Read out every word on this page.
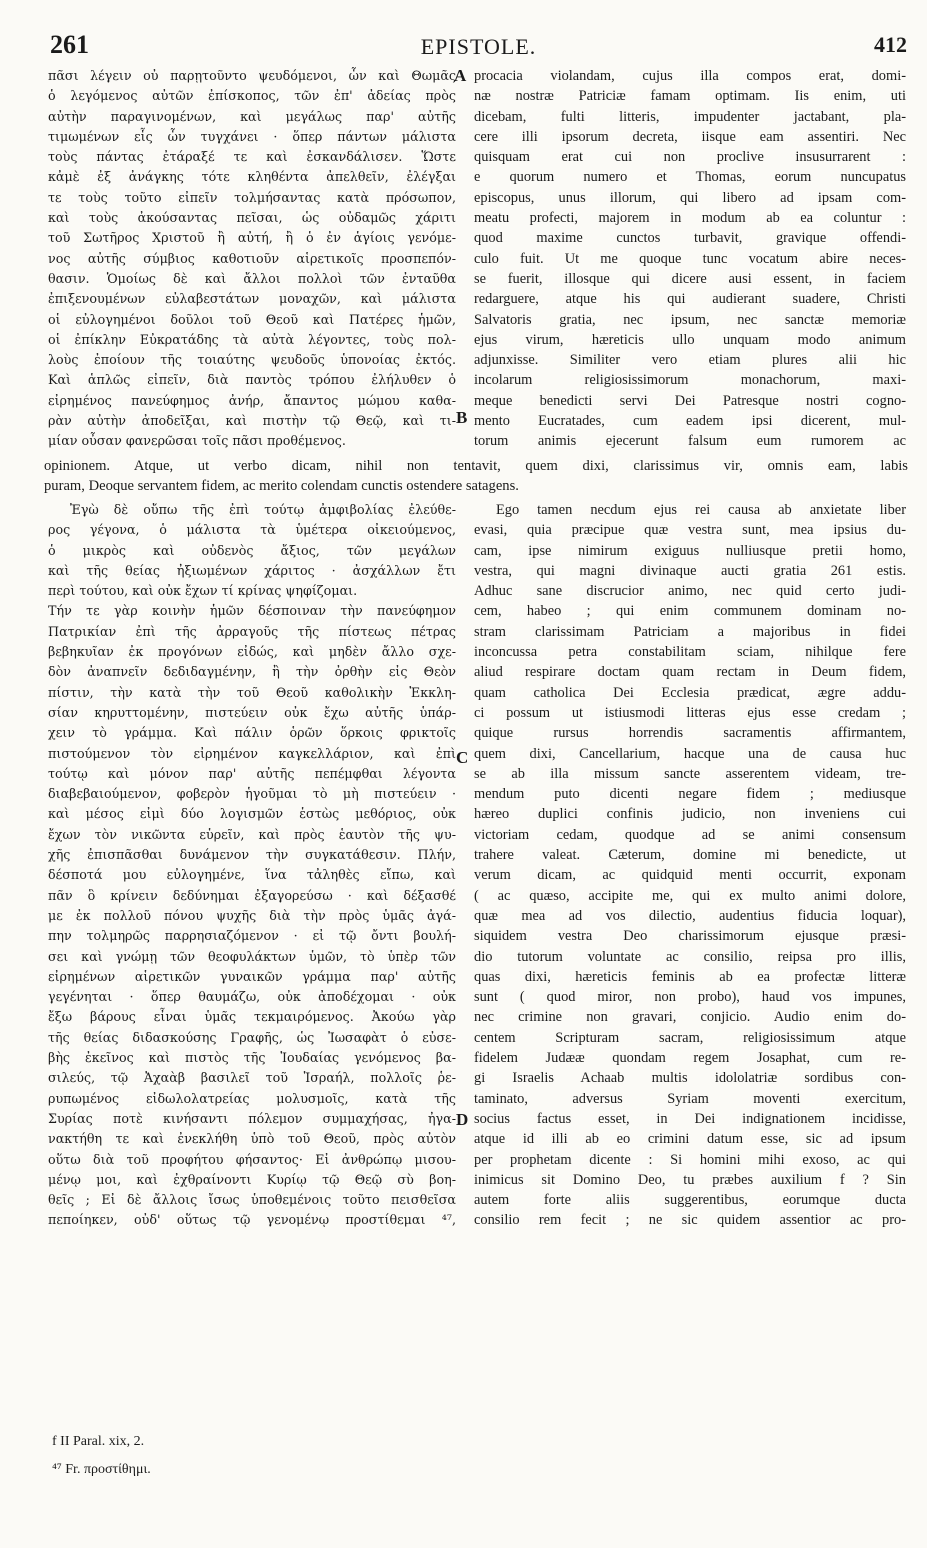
261	EPISTOLE.	412
πᾶσι λέγειν οὐ παρῃτοῦντο ψευδόμενοι, ὧν καὶ Θωμᾶς
ὁ λεγόμενος αὐτῶν ἐπίσκοπος, τῶν ἐπ' ἀδείας πρὸς
αὐτὴν παραγινομένων, καὶ μεγάλως παρ' αὐτῆς
τιμωμένων εἷς ὧν τυγχάνει · ὅπερ πάντων μάλιστα
τοὺς πάντας ἐτάραξέ τε καὶ ἐσκανδάλισεν. Ὥστε
κἀμὲ ἐξ ἀνάγκης τότε κληθέντα ἀπελθεῖν, ἐλέγξαι
τε τοὺς τοῦτο εἰπεῖν τολμήσαντας κατὰ πρόσωπον,
καὶ τοὺς ἀκούσαντας πεῖσαι, ὡς οὐδαμῶς χάριτι
τοῦ Σωτῆρος Χριστοῦ ἢ αὐτή, ἢ ὁ ἐν ἁγίοις γενόμε-
νος αὐτῆς σύμβιος καθοτιοῦν αἱρετικοῖς προσπεπόν-
θασιν. Ὁμοίως δὲ καὶ ἄλλοι πολλοὶ τῶν ἐνταῦθα
ἐπιξενουμένων εὐλαβεστάτων μοναχῶν, καὶ μάλιστα
οἱ εὐλογημένοι δοῦλοι τοῦ Θεοῦ καὶ Πατέρες ἡμῶν,
οἱ ἐπίκλην Εὐκρατάδης τὰ αὐτὰ λέγοντες, τοὺς πολ-
λοὺς ἐποίουν τῆς τοιαύτης ψευδοῦς ὑπονοίας ἐκτός.
Καὶ ἁπλῶς εἰπεῖν, διὰ παντὸς τρόπου ἐλήλυθεν ὁ
εἰρημένος πανεύφημος ἀνήρ, ἄπαντος μώμου καθα-
ρὰν αὐτὴν ἀποδεῖξαι, καὶ πιστὴν τῷ Θεῷ, καὶ τι-
μίαν οὖσαν φανερῶσαι τοῖς πᾶσι προθέμενος.
procacia violandam, cujus illa compos erat, domi-
næ nostræ Patriciæ famam optimam. Iis enim, uti
dicebam, fulti litteris, impudenter jactabant, pla-
cere illi ipsorum decreta, iisque eam assentiri. Nec
quisquam erat cui non proclive insusurrarent :
e quorum numero et Thomas, eorum nuncupatus
episcopus, unus illorum, qui libero ad ipsam com-
meatu profecti, majorem in modum ab ea coluntur :
quod maxime cunctos turbavit, gravique offendi-
culo fuit. Ut me quoque tunc vocatum abire neces-
se fuerit, illosque qui dicere ausi essent, in faciem
redarguere, atque his qui audierant suadere, Christi
Salvatoris gratia, nec ipsum, nec sanctæ memoriæ
ejus virum, hæreticis ullo unquam modo animum
adjunxisse. Similiter vero etiam plures alii hic
incolarum religiosissimorum monachorum, maxi-
meque benedicti servi Dei Patresque nostri cogno-
mento Eucratades, cum eadem ipsi dicerent, mul-
torum animis ejecerunt falsum eum rumorem ac
opinionem. Atque, ut verbo dicam, nihil non tentavit, quem dixi, clarissimus vir, omnis eam, labis
puram, Deoque servantem fidem, ac merito colendam cunctis ostendere satagens.
Ἐγὼ δὲ οὔπω τῆς ἐπὶ τούτῳ ἀμφιβολίας ἐλεύθε-
ρος γέγονα, ὁ μάλιστα τὰ ὑμέτερα οἰκειούμενος,
ὁ μικρὸς καὶ οὐδενὸς ἄξιος, τῶν μεγάλων
καὶ τῆς θείας ἠξιωμένων χάριτος · ἀσχάλλων ἔτι
περὶ τούτου, καὶ οὐκ ἔχων τί κρίνας ψηφίζομαι.
Τήν τε γὰρ κοινὴν ἡμῶν δέσποιναν τὴν πανεύφημον
Πατρικίαν ἐπὶ τῆς ἀρραγοῦς τῆς πίστεως πέτρας
βεβηκυῖαν ἐκ προγόνων εἰδώς, καὶ μηδὲν ἄλλο σχε-
δὸν ἀναπνεῖν δεδιδαγμένην, ἢ τὴν ὀρθὴν εἰς Θεὸν
πίστιν, τὴν κατὰ τὴν τοῦ Θεοῦ καθολικὴν Ἐκκλη-
σίαν κηρυττομένην, πιστεύειν οὐκ ἔχω αὐτῆς ὑπάρ-
χειν τὸ γράμμα. Καὶ πάλιν ὁρῶν ὅρκοις φρικτοῖς
πιστούμενον τὸν εἰρημένον καγκελλάριον, καὶ ἐπὶ
τούτῳ καὶ μόνον παρ' αὐτῆς πεπέμφθαι λέγοντα
διαβεβαιούμενον, φοβερὸν ἡγοῦμαι τὸ μὴ πιστεύειν ·
καὶ μέσος εἰμὶ δύο λογισμῶν ἑστὼς μεθόριος, οὐκ
ἔχων τὸν νικῶντα εὑρεῖν, καὶ πρὸς ἑαυτὸν τῆς ψυ-
χῆς ἐπισπᾶσθαι δυνάμενον τὴν συγκατάθεσιν. Πλήν,
δέσποτά μου εὐλογημένε, ἵνα τἀληθὲς εἴπω, καὶ
πᾶν ὃ κρίνειν δεδύνημαι ἐξαγορεύσω · καὶ δέξασθέ
με ἐκ πολλοῦ πόνου ψυχῆς διὰ τὴν πρὸς ὑμᾶς ἀγά-
πην τολμηρῶς παρρησιαζόμενον · εἰ τῷ ὄντι βουλή-
σει καὶ γνώμῃ τῶν θεοφυλάκτων ὑμῶν, τὸ ὑπὲρ τῶν
εἰρημένων αἱρετικῶν γυναικῶν γράμμα παρ' αὐτῆς
γεγένηται · ὅπερ θαυμάζω, οὐκ ἀποδέχομαι · οὐκ
ἔξω βάρους εἶναι ὑμᾶς τεκμαιρόμενος. Ἀκούω γὰρ
τῆς θείας διδασκούσης Γραφῆς, ὡς Ἰωσαφὰτ ὁ εὐσε-
βὴς ἐκεῖνος καὶ πιστὸς τῆς Ἰουδαίας γενόμενος βα-
σιλεύς, τῷ Ἀχαὰβ βασιλεῖ τοῦ Ἰσραήλ, πολλοῖς ῥε-
ρυπωμένος εἰδωλολατρείας μολυσμοῖς, κατὰ τῆς
Συρίας ποτὲ κινήσαντι πόλεμον συμμαχήσας, ἠγα-
νακτήθη τε καὶ ἐνεκλήθη ὑπὸ τοῦ Θεοῦ, πρὸς αὐτὸν
οὕτω διὰ τοῦ προφήτου φήσαντος· Εἰ ἀνθρώπῳ μισου-
μένῳ μοι, καὶ ἐχθραίνοντι Κυρίῳ τῷ Θεῷ σὺ βοη-
θεῖς ; Εἰ δὲ ἄλλοις ἴσως ὑποθεμένοις τοῦτο πεισθεῖσα
πεποίηκεν, οὐδ' οὕτως τῷ γενομένῳ προστίθεμαι ⁴⁷,
Ego tamen necdum ejus rei causa ab anxietate liber
evasi, quia præcipue quæ vestra sunt, mea ipsius du-
cam, ipse nimirum exiguus nulliusque pretii homo,
vestra, qui magni divinaque aucti gratia 261 estis.
Adhuc sane discrucior animo, nec quid certo judi-
cem, habeo ; qui enim communem dominam no-
stram clarissimam Patriciam a majoribus in fidei
inconcussa petra constabilitam sciam, nihilque fere
aliud respirare doctam quam rectam in Deum fidem,
quam catholica Dei Ecclesia prædicat, ægre addu-
ci possum ut istiusmodi litteras ejus esse credam ;
quique rursus horrendis sacramentis affirmantem,
quem dixi, Cancellarium, hacque una de causa huc
se ab illa missum sancte asserentem videam, tre-
mendum puto dicenti negare fidem ; mediusque
hæreo duplici confinis judicio, non inveniens cui
victoriam cedam, quodque ad se animi consensum
trahere valeat. Cæterum, domine mi benedicte, ut
verum dicam, ac quidquid menti occurrit, exponam
( ac quæso, accipite me, qui ex multo animi dolore,
quæ mea ad vos dilectio, audentius fiducia loquar),
siquidem vestra Deo charissimorum ejusque præsi-
dio tutorum voluntate ac consilio, reipsa pro illis,
quas dixi, hæreticis feminis ab ea profectæ litteræ
sunt ( quod miror, non probo), haud vos impunes,
nec crimine non gravari, conjicio. Audio enim do-
centem Scripturam sacram, religiosissimum atque
fidelem Judææ quondam regem Josaphat, cum re-
gi Israelis Achaab multis idololatriæ sordibus con-
taminato, adversus Syriam moventi exercitum,
socius factus esset, in Dei indignationem incidisse,
atque id illi ab eo crimini datum esse, sic ad ipsum
per prophetam dicente : Si homini mihi exoso, ac qui
inimicus sit Domino Deo, tu præbes auxilium f ? Sin
autem forte aliis suggerentibus, eorumque ducta
consilio rem fecit ; ne sic quidem assentior ac pro-
A
B
C
D
f II Paral. xix, 2.
⁴⁷ Fr. προστίθημι.
